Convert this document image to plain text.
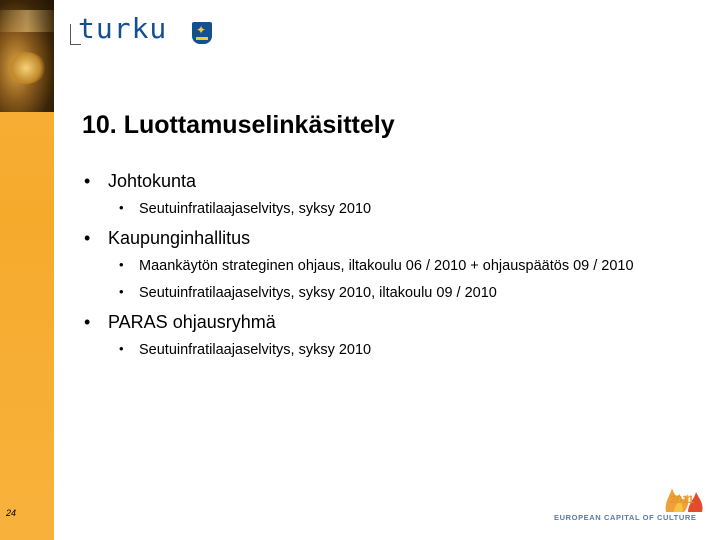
turku ✦
10. Luottamuselinkäsittely
• Johtokunta
• Seutuinfratilaajaselvitys, syksy 2010
• Kaupunginhallitus
• Maankäytön strateginen ohjaus, iltakoulu 06 / 2010 + ohjauspäätös 09 / 2010
• Seutuinfratilaajaselvitys, syksy 2010, iltakoulu 09 / 2010
• PARAS ohjausryhmä
• Seutuinfratilaajaselvitys, syksy 2010
24
2011
EUROPEAN CAPITAL OF CULTURE
